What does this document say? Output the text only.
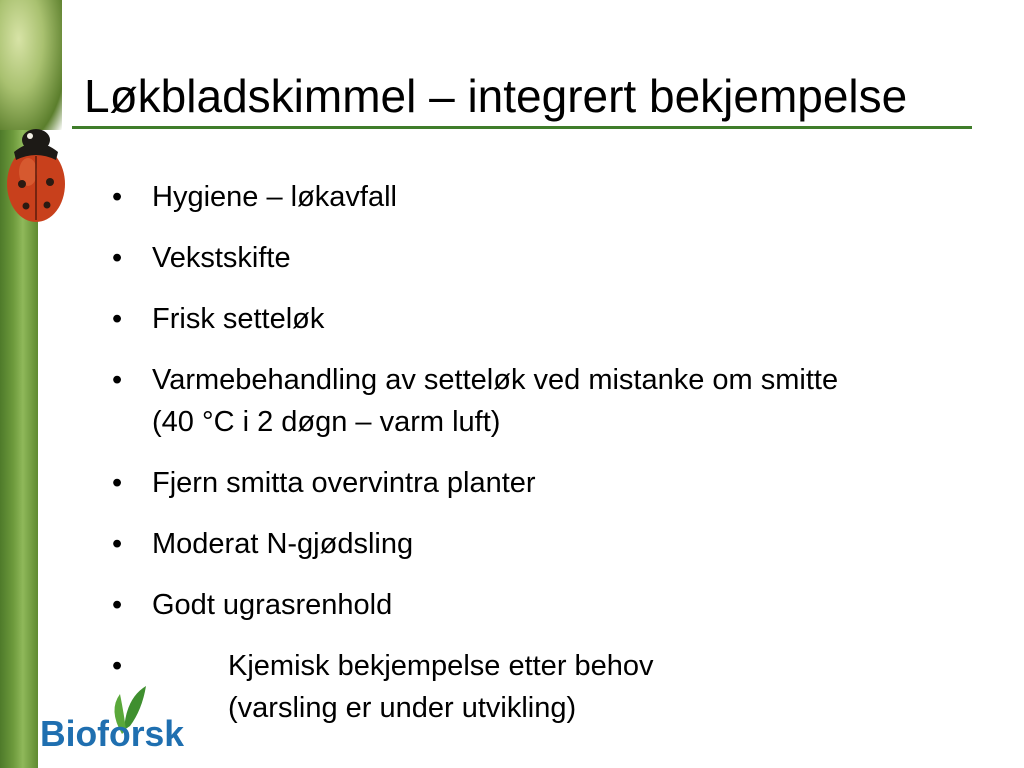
Løkbladskimmel – integrert bekjempelse
• Hygiene – løkavfall
• Vekstskifte
• Frisk setteløk
• Varmebehandling av setteløk ved mistanke om smitte
(40 °C i 2 døgn – varm luft)
• Fjern smitta overvintra planter
• Moderat N-gjødsling
• Godt ugrasrenhold
•	Kjemisk bekjempelse etter behov
(varsling er under utvikling)
Bioforsk
